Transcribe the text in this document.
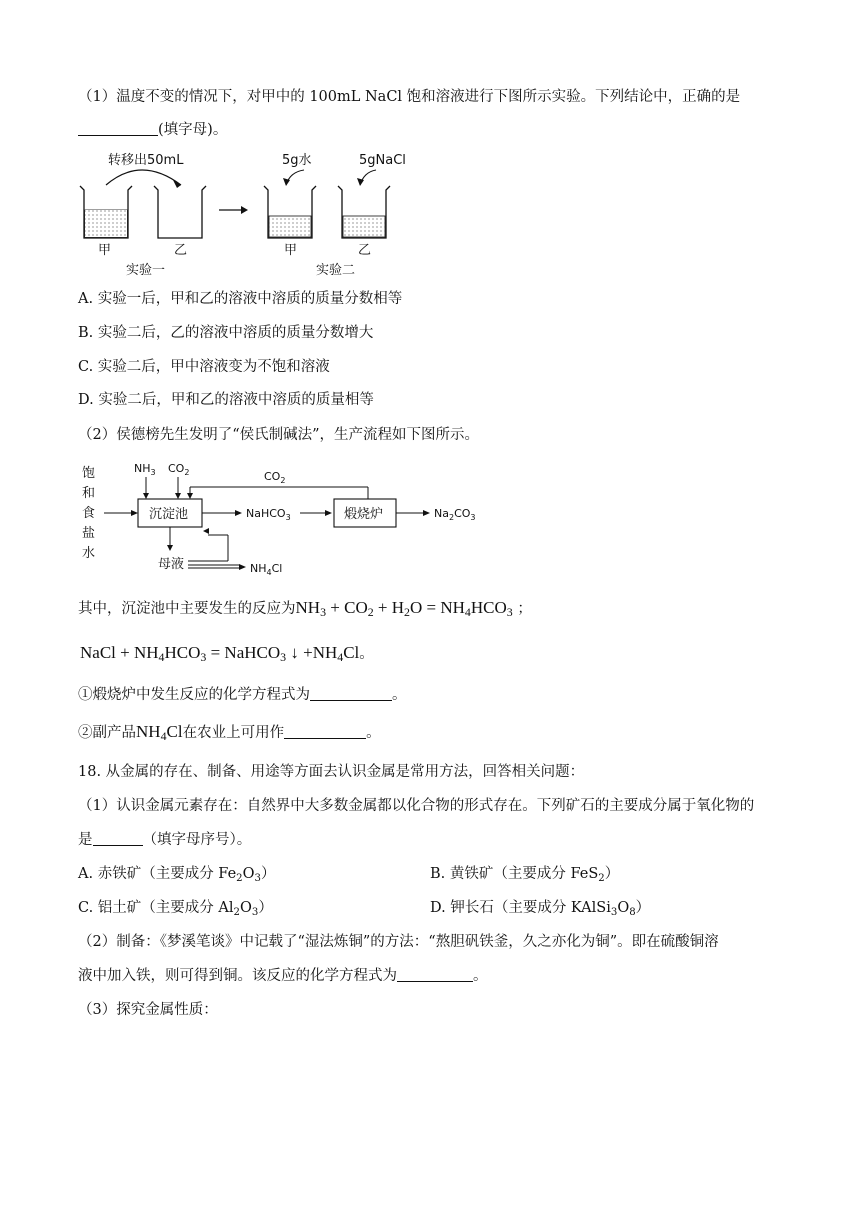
（1）温度不变的情况下，对甲中的 100mL NaCl 饱和溶液进行下图所示实验。下列结论中，正确的是
(填字母)。
转移出50mL	5g水	5gNaCl
甲	乙	甲	乙
实验一	实验二
A. 实验一后，甲和乙的溶液中溶质的质量分数相等
B. 实验二后，乙的溶液中溶质的质量分数增大
C. 实验二后，甲中溶液变为不饱和溶液
D. 实验二后，甲和乙的溶液中溶质的质量相等
（2）侯德榜先生发明了“侯氏制碱法”，生产流程如下图所示。
饱
和
食
盐
水
沉淀池
$NH_3$ $CO_2$	$CO_2$
NaHCO$_3$	煅烧炉	$Na_2CO_3$
母液	$NH_4Cl$
其中，沉淀池中主要发生的反应为$NH_3 + CO_2 + H_2O = NH_4HCO_3$ ；
NaCl + $NH_4HCO_3$ = NaHCO$_3$ ↓ $+NH_4Cl$。
①煅烧炉中发生反应的化学方程式为	。
②副产品$NH_4Cl$在农业上可用作	。
18. 从金属的存在、制备、用途等方面去认识金属是常用方法，回答相关问题：
（1）认识金属元素存在：自然界中大多数金属都以化合物的形式存在。下列矿石的主要成分属于氧化物的
是	（填字母序号）。
A. 赤铁矿（主要成分 $Fe_2O_3$）	B. 黄铁矿（主要成分 FeS$_2$）
C. 铝土矿（主要成分 $Al_2O_3$）	D. 钾长石（主要成分 $KAlSi_3O_8$）
（2）制备：《梦溪笔谈》中记载了“湿法炼铜”的方法：“熬胆矾铁釜，久之亦化为铜”。即在硫酸铜溶
液中加入铁，则可得到铜。该反应的化学方程式为	。
（3）探究金属性质：
